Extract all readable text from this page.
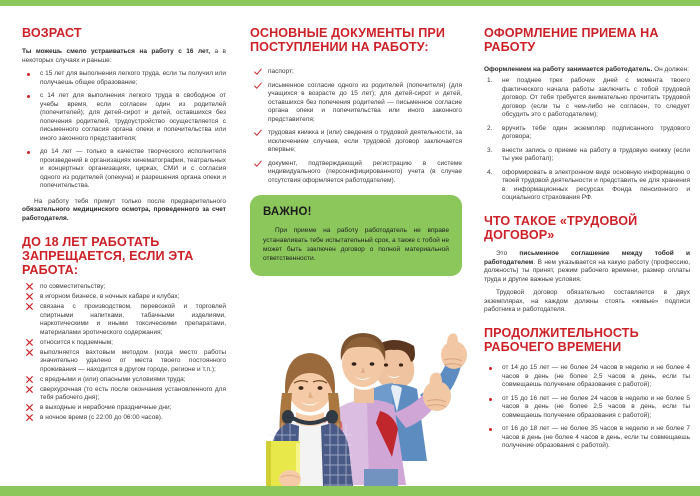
ВОЗРАСТ

Ты можешь смело устраиваться на работу с 16 лет, а в некоторых случаях и раньше:

с 15 лет для выполнения легкого труда, если ты получил или получаешь общее образование;
с 14 лет для выполнения легкого труда в свободное от учебы время, если согласен один из родителей (попечителей); для детей-сирот и детей, оставшихся без попечения родителей, трудоустройство осуществляется с письменного согласия органа опеки и попечительства или иного законного представителя;
до 14 лет — только в качестве творческого исполнителя произведений в организациях кинематографии, театральных и концертных организациях, цирках, СМИ и с согласия одного из родителей (опекуна) и разрешения органа опеки и попечительства.

На работу тебя примут только после предварительного обязательного медицинского осмотра, проведенного за счет работодателя.

ДО 18 ЛЕТ РАБОТАТЬ ЗАПРЕЩАЕТСЯ, ЕСЛИ ЭТА РАБОТА:
по совместительству;
в игорном бизнесе, в ночных кабаре и клубах;
связана с производством, перевозкой и торговлей спиртными напитками, табачными изделиями, наркотическими и иными токсическими препаратами, материалами эротического содержания;
относится к подземным;
выполняется вахтовым методом (когда место работы значительно удалено от места твоего постоянного проживания — находится в другом городе, регионе и т.п.);
с вредными и (или) опасными условиями труда;
сверхурочная (то есть после окончания установленного для тебя рабочего дня);
в выходные и нерабочие праздничные дни;
в ночное время (с 22:00 до 06:00 часов).
ОСНОВНЫЕ ДОКУМЕНТЫ ПРИ ПОСТУПЛЕНИИ НА РАБОТУ:
паспорт;
письменное согласие одного из родителей (попечителя) (для учащихся в возрасте до 15 лет); для детей-сирот и детей, оставшихся без попечения родителей — письменное согласие органа опеки и попечительства или иного законного представителя;
трудовая книжка и (или) сведения о трудовой деятельности, за исключением случаев, если трудовой договор заключается впервые;
документ, подтверждающий регистрацию в системе индивидуального (персонифицированного) учета (в случае отсутствия оформляется работодателем).
ВАЖНО!

При приеме на работу работодатель не вправе устанавливать тебе испытательный срок, а также с тобой не может быть заключен договор о полной материальной ответственности.

ОФОРМЛЕНИЕ ПРИЕМА НА РАБОТУ

Оформлением на работу занимается работодатель. Он должен:

1.	не позднее трех рабочих дней с момента твоего фактического начала работы заключить с тобой трудовой договор. От тебя требуется внимательно прочитать трудовой договор (если ты с чем-либо не согласен, то следует обсудить это с работодателем);
2.	вручить тебе один экземпляр подписанного трудового договора;
3.	внести запись о приеме на работу в трудовую книжку (если ты уже работал);
4.	оформировать в электронном виде основную информацию о твоей трудовой деятельности и представить ее для хранения в информационных ресурсах Фонда пенсионного и социального страхования РФ.
ЧТО ТАКОЕ «ТРУДОВОЙ ДОГОВОР»

Это письменное соглашение между тобой и работодателем. В нем указывается на какую работу (профессию, должность) ты принят, режим рабочего времени, размер оплаты труда и другие важные условия.

Трудовой договор обязательно составляется в двух экземплярах, на каждом должны стоять «живые» подписи работника и работодателя.

ПРОДОЛЖИТЕЛЬНОСТЬ РАБОЧЕГО ВРЕМЕНИ
от 14 до 15 лет — не более 24 часов в неделю и не более 4 часов в день (не более 2,5 часов в день, если ты совмещаешь получение образования с работой);
от 15 до 16 лет — не более 24 часов в неделю и не более 5 часов в день (не более 2,5 часов в день, если ты совмещаешь получение образования с работой);
от 16 до 18 лет — не более 35 часов в неделю и не более 7 часов в день (не более 4 часов в день, если ты совмещаешь получение образования с работой).
